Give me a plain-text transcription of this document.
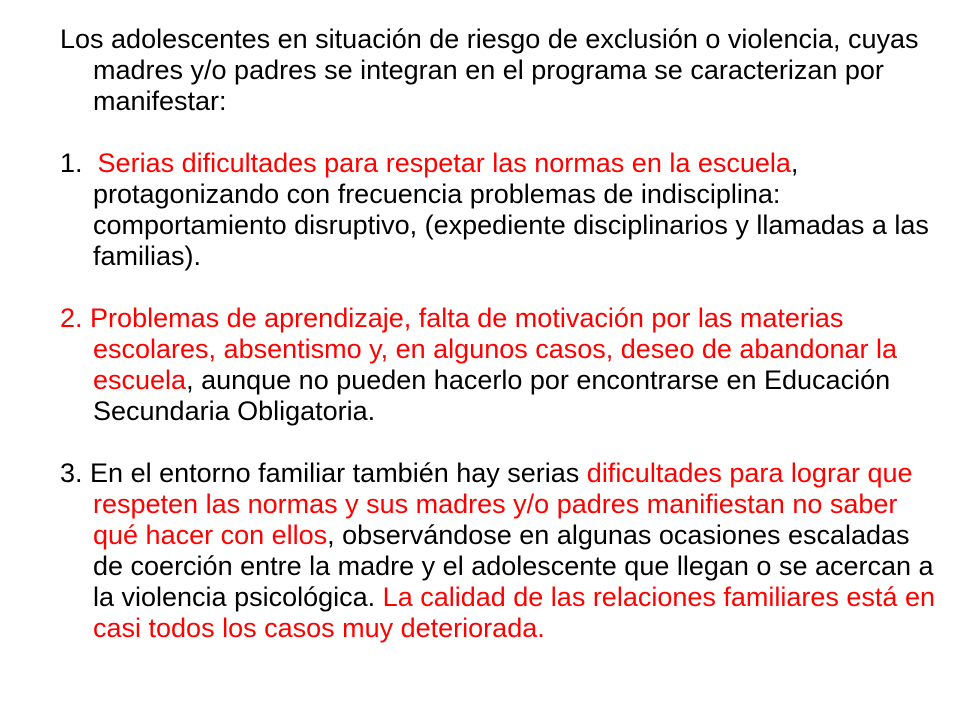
Los adolescentes en situación de riesgo de exclusión o violencia, cuyas madres y/o padres se integran en el programa se caracterizan por manifestar:

1. Serias dificultades para respetar las normas en la escuela, protagonizando con frecuencia problemas de indisciplina: comportamiento disruptivo, (expediente disciplinarios y llamadas a las familias).

2. Problemas de aprendizaje, falta de motivación por las materias escolares, absentismo y, en algunos casos, deseo de abandonar la escuela, aunque no pueden hacerlo por encontrarse en Educación Secundaria Obligatoria.

3. En el entorno familiar también hay serias dificultades para lograr que respeten las normas y sus madres y/o padres manifiestan no saber qué hacer con ellos, observándose en algunas ocasiones escaladas de coerción entre la madre y el adolescente que llegan o se acercan a la violencia psicológica. La calidad de las relaciones familiares está en casi todos los casos muy deteriorada.
